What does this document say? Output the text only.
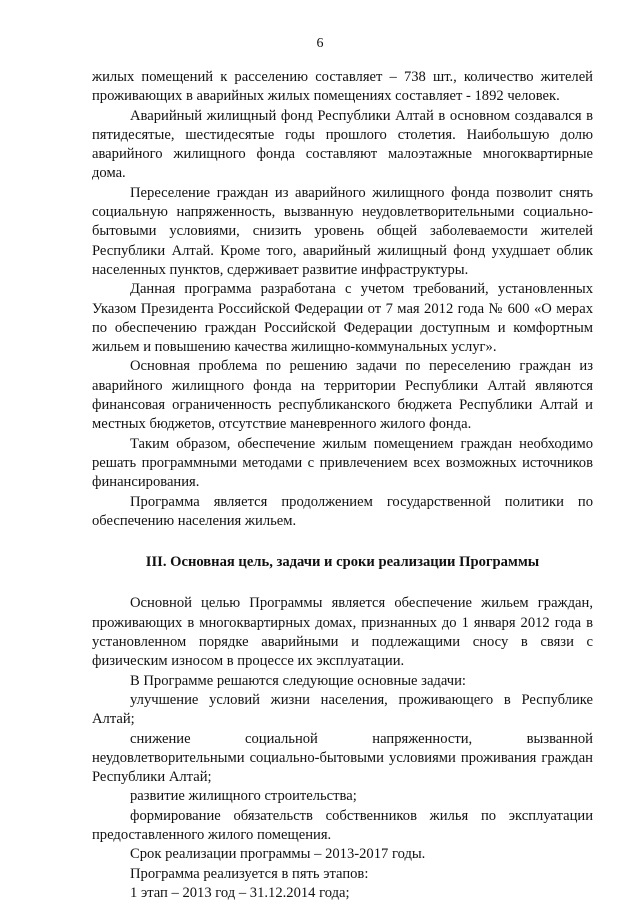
6

жилых помещений к расселению составляет – 738 шт., количество жителей проживающих в аварийных жилых помещениях составляет - 1892 человек.

Аварийный жилищный фонд Республики Алтай в основном создавался в пятидесятые, шестидесятые годы прошлого столетия. Наибольшую долю аварийного жилищного фонда составляют малоэтажные многоквартирные дома.

Переселение граждан из аварийного жилищного фонда позволит снять социальную напряженность, вызванную неудовлетворительными социально-бытовыми условиями, снизить уровень общей заболеваемости жителей Республики Алтай. Кроме того, аварийный жилищный фонд ухудшает облик населенных пунктов, сдерживает развитие инфраструктуры.

Данная программа разработана с учетом требований, установленных Указом Президента Российской Федерации от 7 мая 2012 года № 600 «О мерах по обеспечению граждан Российской Федерации доступным и комфортным жильем и повышению качества жилищно-коммунальных услуг».

Основная проблема по решению задачи по переселению граждан из аварийного жилищного фонда на территории Республики Алтай являются финансовая ограниченность республиканского бюджета Республики Алтай и местных бюджетов, отсутствие маневренного жилого фонда.

Таким образом, обеспечение жилым помещением граждан необходимо решать программными методами с привлечением всех возможных источников финансирования.

Программа является продолжением государственной политики по обеспечению населения жильем.

III. Основная цель, задачи и сроки реализации Программы

Основной целью Программы является обеспечение жильем граждан, проживающих в многоквартирных домах, признанных до 1 января 2012 года в установленном порядке аварийными и подлежащими сносу в связи с физическим износом в процессе их эксплуатации.

В Программе решаются следующие основные задачи:

улучшение условий жизни населения, проживающего в Республике Алтай;

снижение социальной напряженности, вызванной неудовлетворительными социально-бытовыми условиями проживания граждан Республики Алтай;

развитие жилищного строительства;

формирование обязательств собственников жилья по эксплуатации предоставленного жилого помещения.

Срок реализации программы – 2013-2017 годы.

Программа реализуется в пять этапов:

1 этап – 2013 год – 31.12.2014 года;
